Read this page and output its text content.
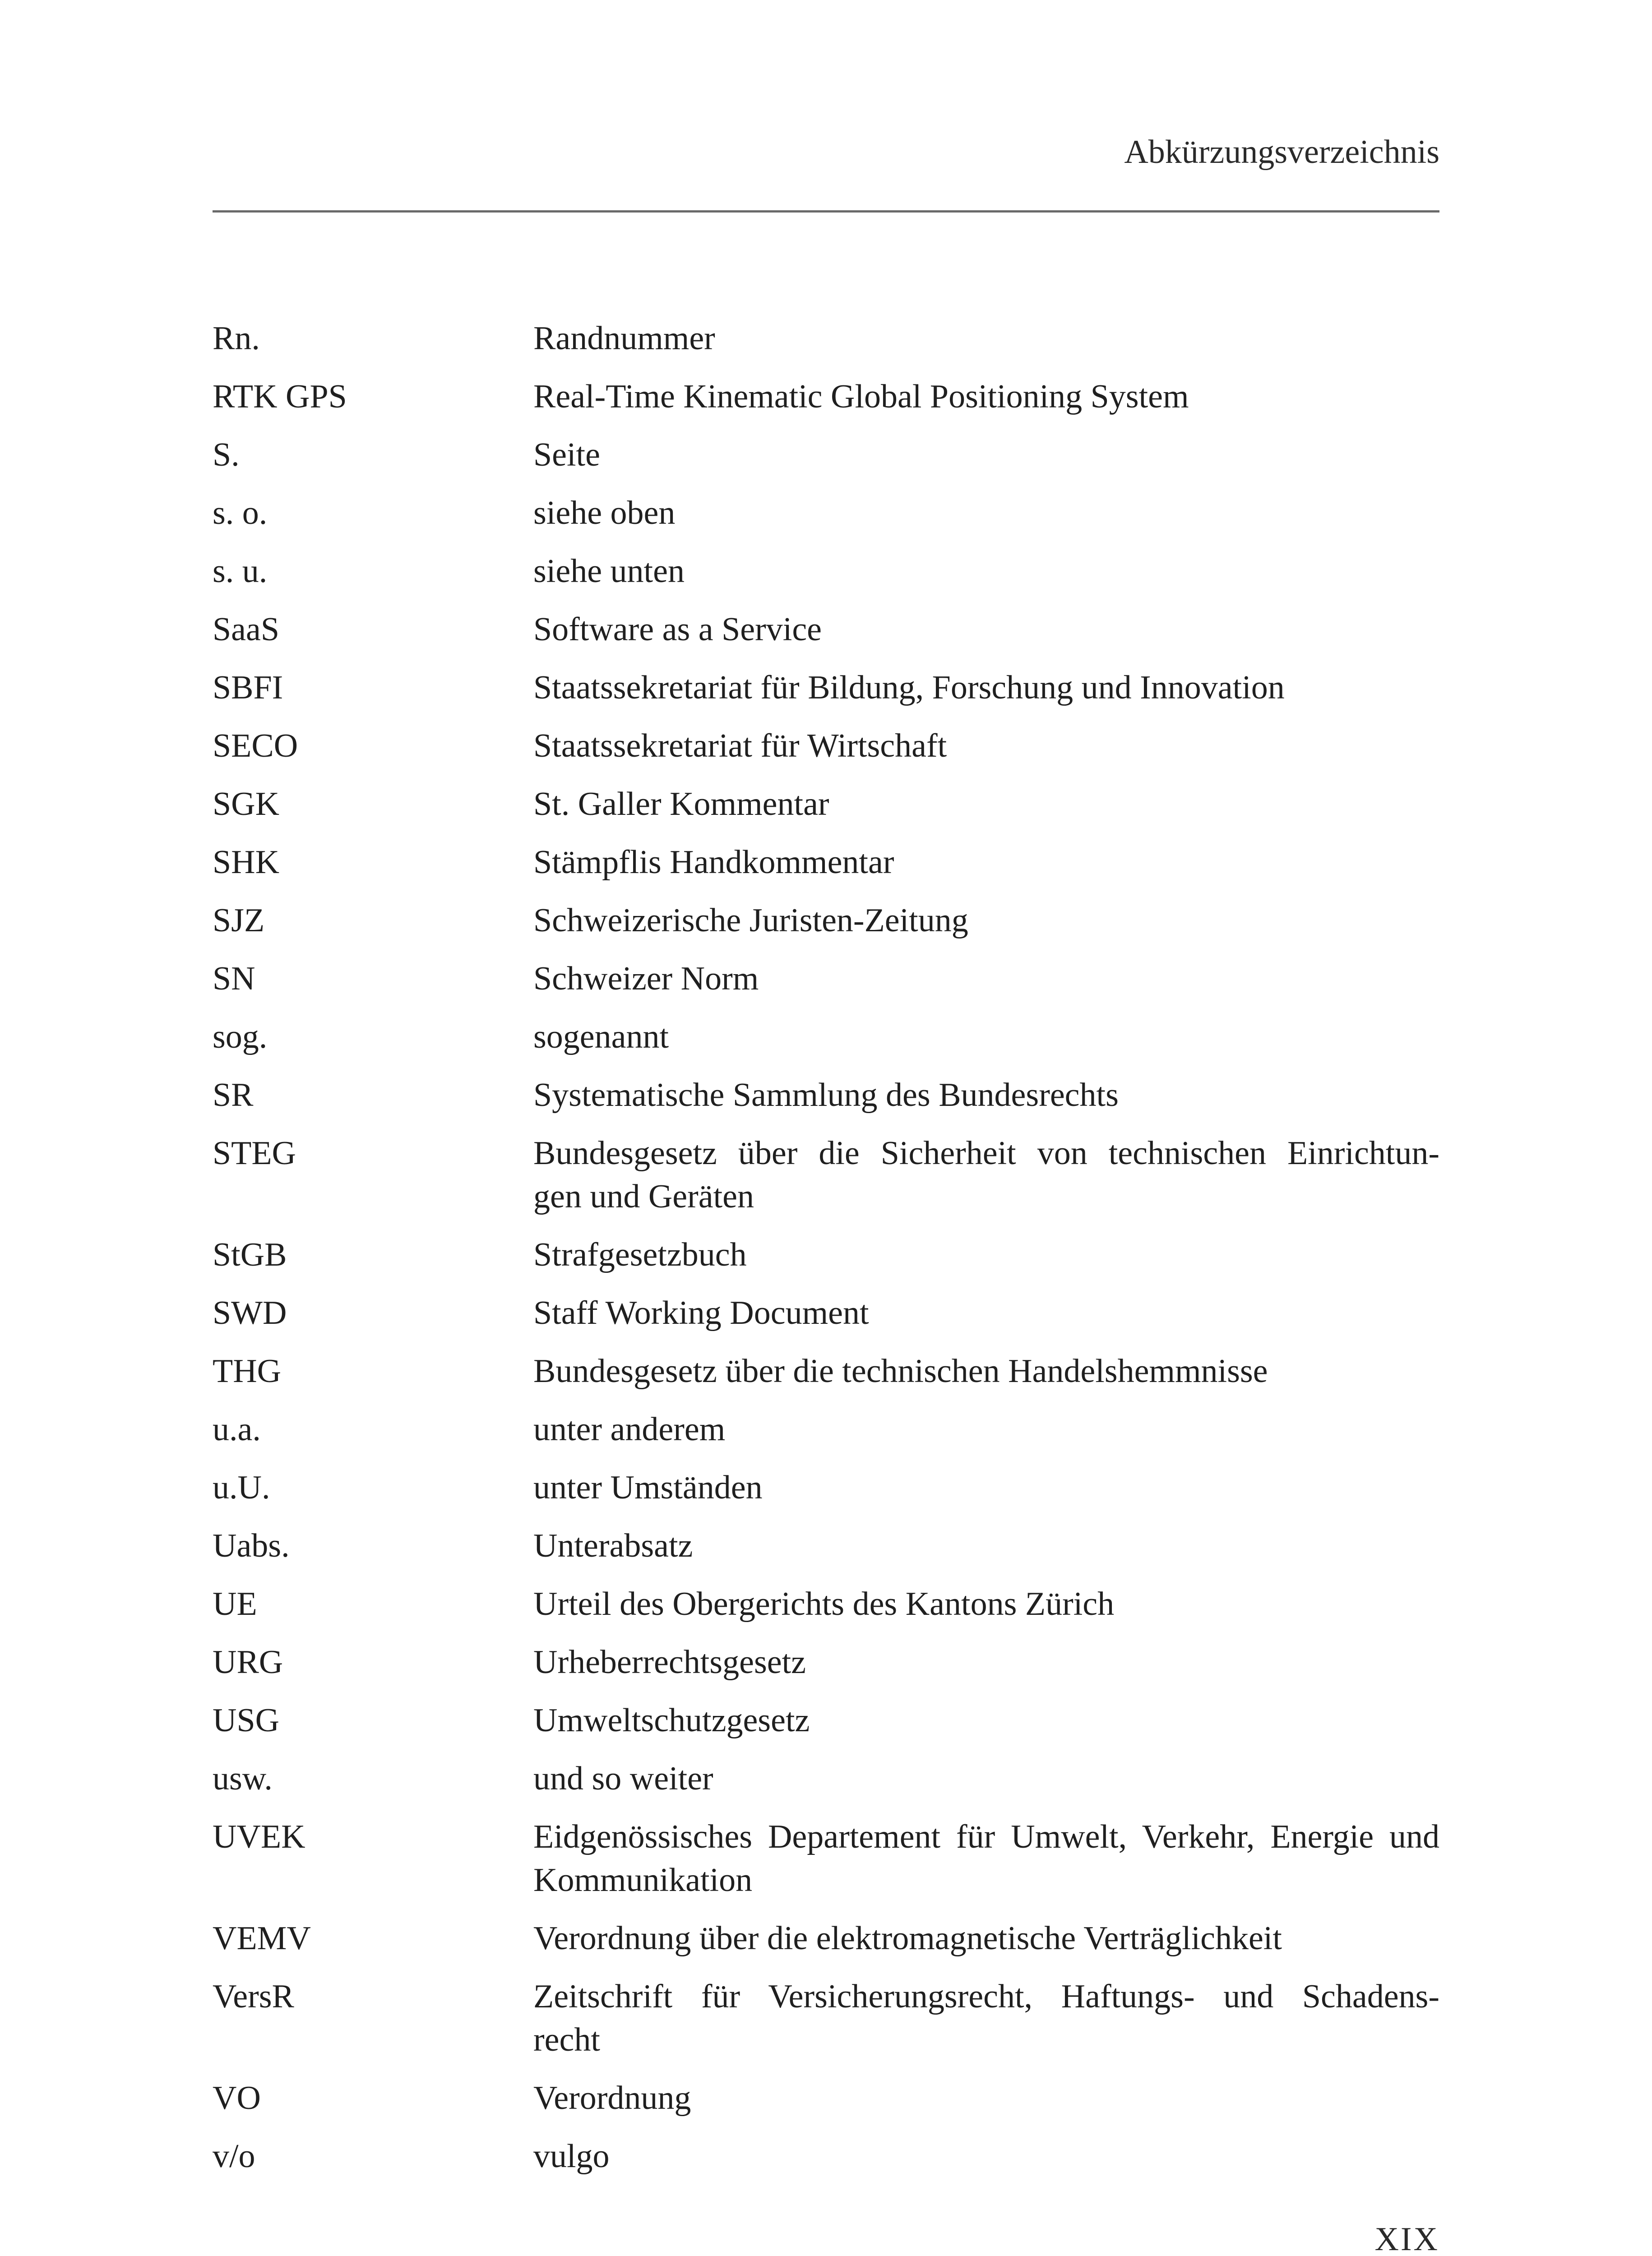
Abkürzungsverzeichnis
Rn.	Randnummer
RTK GPS	Real-Time Kinematic Global Positioning System
S.	Seite
s. o.	siehe oben
s. u.	siehe unten
SaaS	Software as a Service
SBFI	Staatssekretariat für Bildung, Forschung und Innovation
SECO	Staatssekretariat für Wirtschaft
SGK	St. Galler Kommentar
SHK	Stämpflis Handkommentar
SJZ	Schweizerische Juristen-Zeitung
SN	Schweizer Norm
sog.	sogenannt
SR	Systematische Sammlung des Bundesrechts
STEG	Bundesgesetz über die Sicherheit von technischen Einrichtun-
gen und Geräten
StGB	Strafgesetzbuch
SWD	Staff Working Document
THG	Bundesgesetz über die technischen Handelshemmnisse
u.a.	unter anderem
u.U.	unter Umständen
Uabs.	Unterabsatz
UE	Urteil des Obergerichts des Kantons Zürich
URG	Urheberrechtsgesetz
USG	Umweltschutzgesetz
usw.	und so weiter
UVEK	Eidgenössisches Departement für Umwelt, Verkehr, Energie und
Kommunikation
VEMV	Verordnung über die elektromagnetische Verträglichkeit
VersR	Zeitschrift für Versicherungsrecht, Haftungs- und Schadens-
recht
VO	Verordnung
v/o	vulgo
XIX
